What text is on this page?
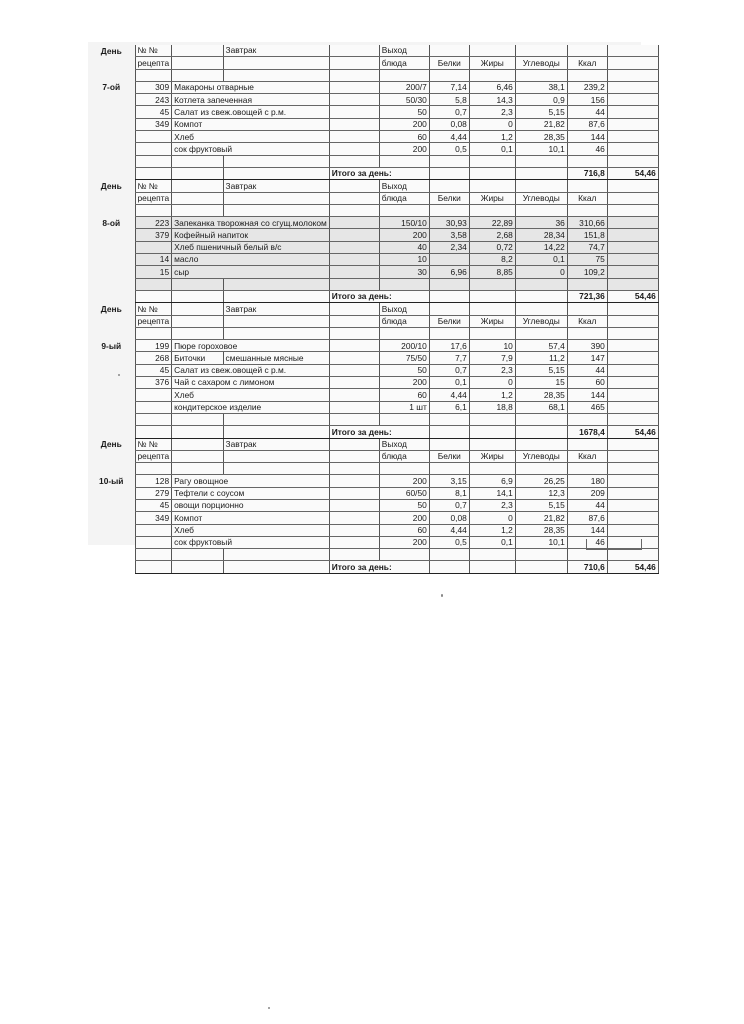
День	№ №		Завтрак		Выход					
	рецепта				блюда	Белки	Жиры	Углеводы	Ккал	

7-ой	309	Макароны отварные			200/7	7,14	6,46	38,1	239,2	
	243	Котлета запеченная			50/30	5,8	14,3	0,9	156	
	45	Салат из свеж.овощей с р.м.			50	0,7	2,3	5,15	44	
	349	Компот			200	0,08	0	21,82	87,6	
		Хлеб			60	4,44	1,2	28,35	144	
		сок фруктовый			200	0,5	0,1	10,1	46	

				Итого за день:					716,8	54,46
День	№ №		Завтрак		Выход					
	рецепта				блюда	Белки	Жиры	Углеводы	Ккал	

8-ой	223	Запеканка творожная со сгущ.молоком			150/10	30,93	22,89	36	310,66	
	379	Кофейный напиток			200	3,58	2,68	28,34	151,8	
		Хлеб пшеничный белый в/с			40	2,34	0,72	14,22	74,7	
	14	масло			10		8,2	0,1	75	
	15	сыр			30	6,96	8,85	0	109,2	

				Итого за день:					721,36	54,46
День	№ №		Завтрак		Выход					
	рецепта				блюда	Белки	Жиры	Углеводы	Ккал	

9-ый	199	Пюре гороховое			200/10	17,6	10	57,4	390	
	268	Биточки	смешанные мясные		75/50	7,7	7,9	11,2	147	
	45	Салат из свеж.овощей с р.м.			50	0,7	2,3	5,15	44	
	376	Чай с сахаром с лимоном			200	0,1	0	15	60	
		Хлеб			60	4,44	1,2	28,35	144	
		кондитерское изделие			1 шт	6,1	18,8	68,1	465	

				Итого за день:					1678,4	54,46
День	№ №		Завтрак		Выход					
	рецепта				блюда	Белки	Жиры	Углеводы	Ккал	

10-ый	128	Рагу овощное			200	3,15	6,9	26,25	180	
	279	Тефтели с соусом			60/50	8,1	14,1	12,3	209	
	45	овощи порционно			50	0,7	2,3	5,15	44	
	349	Компот			200	0,08	0	21,82	87,6	
		Хлеб			60	4,44	1,2	28,35	144	
		сок фруктовый			200	0,5	0,1	10,1	46	

				Итого за день:					710,6	54,46
